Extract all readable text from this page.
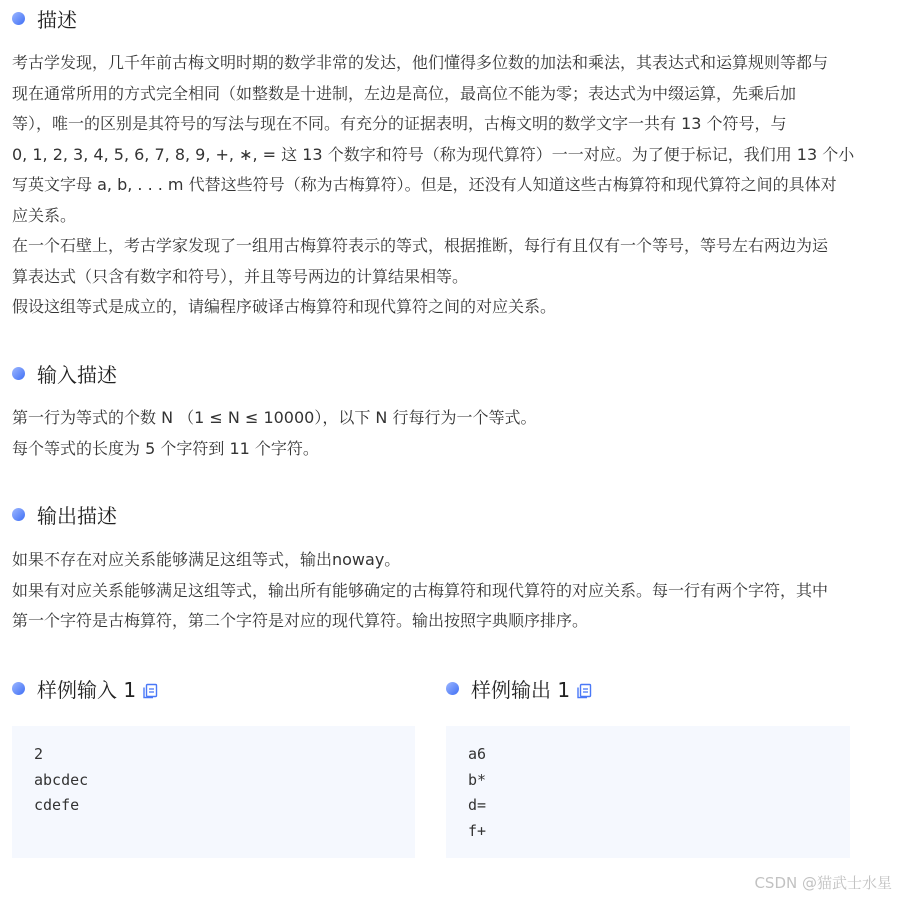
描述

考古学发现，几千年前古梅文明时期的数学非常的发达，他们懂得多位数的加法和乘法，其表达式和运算规则等都与

现在通常所用的方式完全相同（如整数是十进制，左边是高位，最高位不能为零；表达式为中缀运算，先乘后加

等），唯一的区别是其符号的写法与现在不同。有充分的证据表明，古梅文明的数学文字一共有 13 个符号，与

0, 1, 2, 3, 4, 5, 6, 7, 8, 9, +, ∗, = 这 13 个数字和符号（称为现代算符）一一对应。为了便于标记，我们用 13 个小

写英文字母 a, b, . . . m 代替这些符号（称为古梅算符）。但是，还没有人知道这些古梅算符和现代算符之间的具体对

应关系。

在一个石壁上，考古学家发现了一组用古梅算符表示的等式，根据推断，每行有且仅有一个等号，等号左右两边为运

算表达式（只含有数字和符号），并且等号两边的计算结果相等。

假设这组等式是成立的，请编程序破译古梅算符和现代算符之间的对应关系。

输入描述

第一行为等式的个数 N （1 ≤ N ≤ 10000），以下 N 行每行为一个等式。

每个等式的长度为 5 个字符到 11 个字符。

输出描述

如果不存在对应关系能够满足这组等式，输出noway。

如果有对应关系能够满足这组等式，输出所有能够确定的古梅算符和现代算符的对应关系。每一行有两个字符，其中

第一个字符是古梅算符，第二个字符是对应的现代算符。输出按照字典顺序排序。

样例输入 1	样例输出 1
2
abcdec
cdefe
a6
b*
d=
f+
CSDN @猫武士水星
